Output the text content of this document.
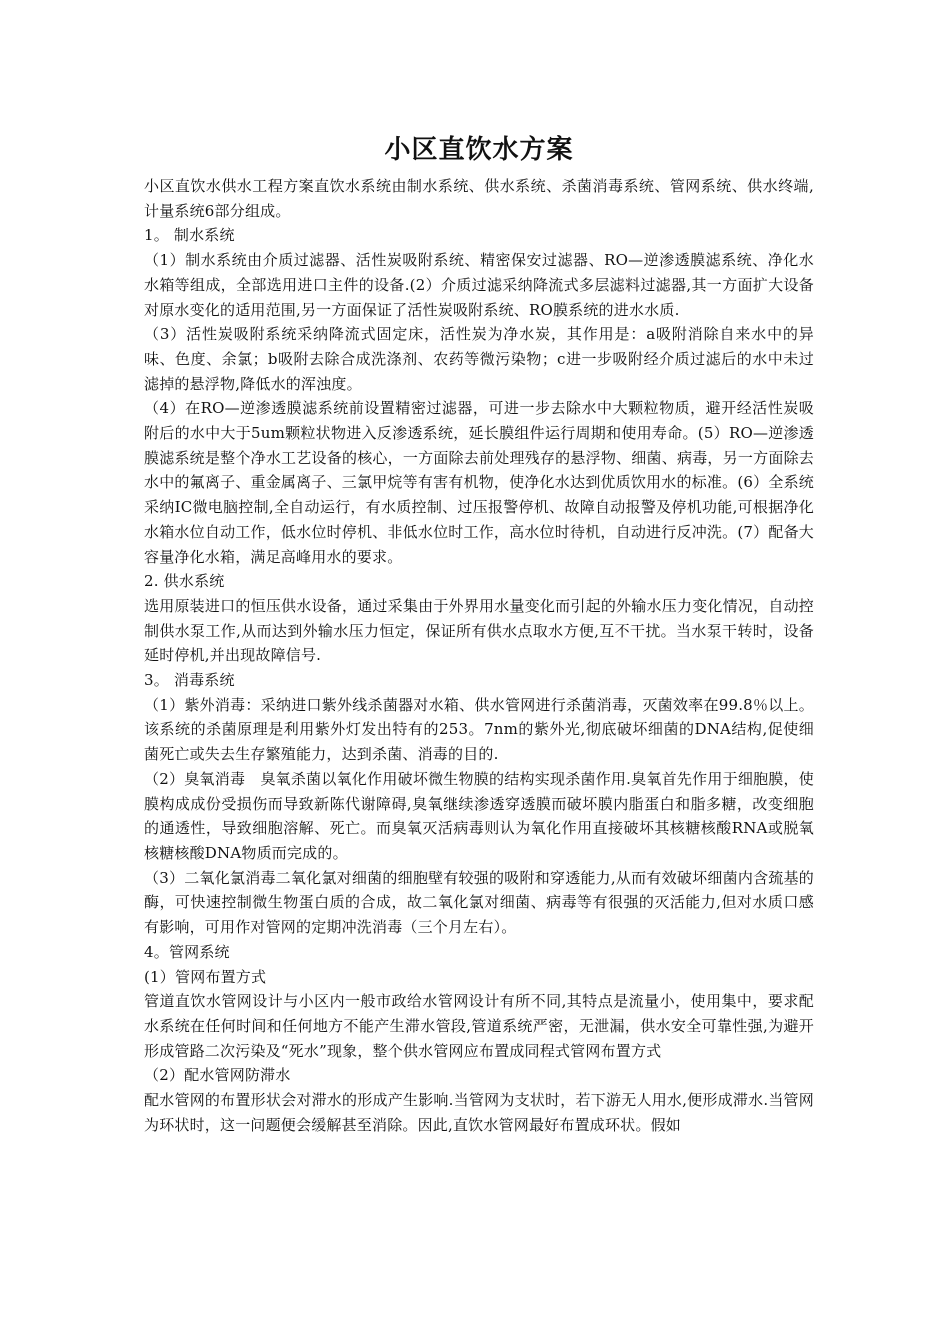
小区直饮水方案

小区直饮水供水工程方案直饮水系统由制水系统、供水系统、杀菌消毒系统、管网系统、供水终端,计量系统6部分组成。

1。 制水系统

（1）制水系统由介质过滤器、活性炭吸附系统、精密保安过滤器、RO—逆渗透膜滤系统、净化水水箱等组成，全部选用进口主件的设备.(2）介质过滤采纳降流式多层滤料过滤器,其一方面扩大设备对原水变化的适用范围,另一方面保证了活性炭吸附系统、RO膜系统的进水水质.

（3）活性炭吸附系统采纳降流式固定床，活性炭为净水炭，其作用是：a吸附消除自来水中的异味、色度、余氯；b吸附去除合成洗涤剂、农药等微污染物；c进一步吸附经介质过滤后的水中未过滤掉的悬浮物,降低水的浑浊度。

（4）在RO—逆渗透膜滤系统前设置精密过滤器，可进一步去除水中大颗粒物质，避开经活性炭吸附后的水中大于5um颗粒状物进入反渗透系统，延长膜组件运行周期和使用寿命。(5）RO—逆渗透膜滤系统是整个净水工艺设备的核心，一方面除去前处理残存的悬浮物、细菌、病毒，另一方面除去水中的氟离子、重金属离子、三氯甲烷等有害有机物，使净化水达到优质饮用水的标准。(6）全系统采纳IC微电脑控制,全自动运行，有水质控制、过压报警停机、故障自动报警及停机功能,可根据净化水箱水位自动工作，低水位时停机、非低水位时工作，高水位时待机，自动进行反冲洗。(7）配备大容量净化水箱，满足高峰用水的要求。

2. 供水系统

选用原装进口的恒压供水设备，通过采集由于外界用水量变化而引起的外输水压力变化情况，自动控制供水泵工作,从而达到外输水压力恒定，保证所有供水点取水方便,互不干扰。当水泵干转时，设备延时停机,并出现故障信号.

3。 消毒系统

（1）紫外消毒：采纳进口紫外线杀菌器对水箱、供水管网进行杀菌消毒，灭菌效率在99.8％以上。该系统的杀菌原理是利用紫外灯发出特有的253。7nm的紫外光,彻底破坏细菌的DNA结构,促使细菌死亡或失去生存繁殖能力，达到杀菌、消毒的目的.

（2）臭氧消毒　臭氧杀菌以氧化作用破坏微生物膜的结构实现杀菌作用.臭氧首先作用于细胞膜，使膜构成成份受损伤而导致新陈代谢障碍,臭氧继续渗透穿透膜而破坏膜内脂蛋白和脂多糖，改变细胞的通透性，导致细胞溶解、死亡。而臭氧灭活病毒则认为氧化作用直接破坏其核糖核酸RNA或脱氧核糖核酸DNA物质而完成的。

（3）二氧化氯消毒二氧化氯对细菌的细胞壁有较强的吸附和穿透能力,从而有效破坏细菌内含巯基的酶，可快速控制微生物蛋白质的合成，故二氧化氯对细菌、病毒等有很强的灭活能力,但对水质口感有影响，可用作对管网的定期冲洗消毒（三个月左右）。

4。管网系统

(1）管网布置方式

管道直饮水管网设计与小区内一般市政给水管网设计有所不同,其特点是流量小，使用集中，要求配水系统在任何时间和任何地方不能产生滞水管段,管道系统严密，无泄漏，供水安全可靠性强,为避开形成管路二次污染及“死水”现象，整个供水管网应布置成同程式管网布置方式

（2）配水管网防滞水

配水管网的布置形状会对滞水的形成产生影响.当管网为支状时，若下游无人用水,便形成滞水.当管网为环状时，这一问题便会缓解甚至消除。因此,直饮水管网最好布置成环状。假如
